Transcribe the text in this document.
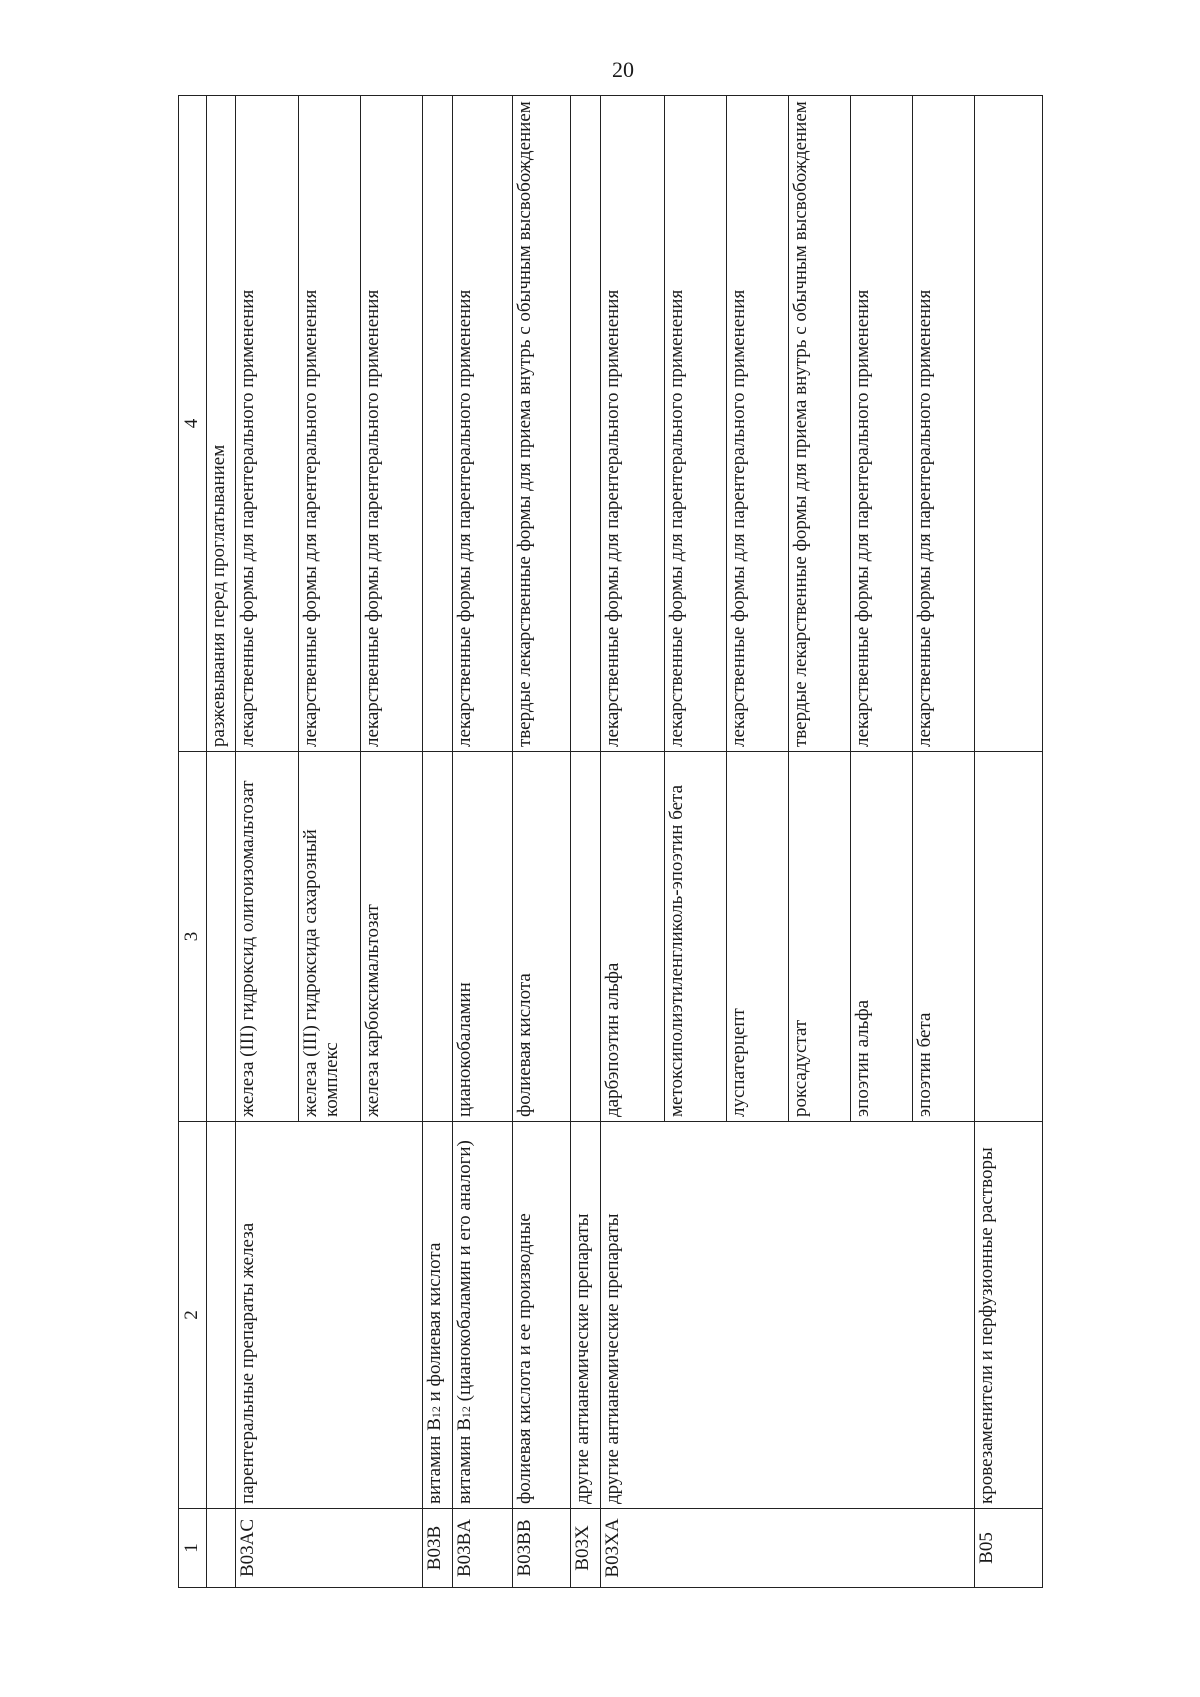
20
1	2	3	4
			разжевывания перед проглатыванием
B03AC	парентеральные препараты железа	железа (III) гидроксид олигоизомальтозат	лекарственные формы для парентерального применения
		железа (III) гидроксида сахарозный комплекс	лекарственные формы для парентерального применения
		железа карбоксимальтозат	лекарственные формы для парентерального применения
B03B	витамин B12 и фолиевая кислота		
B03BA	витамин B12 (цианокобаламин и его аналоги)	цианокобаламин	лекарственные формы для парентерального применения
B03BB	фолиевая кислота и ее производные	фолиевая кислота	твердые лекарственные формы для приема внутрь с обычным высвобождением
B03X	другие антианемические препараты		
B03XA	другие антианемические препараты	дарбэпоэтин альфа	лекарственные формы для парентерального применения
		метоксиполиэтиленгликоль-эпоэтин бета	лекарственные формы для парентерального применения
		луспатерцепт	лекарственные формы для парентерального применения
		роксадустат	твердые лекарственные формы для приема внутрь с обычным высвобождением
		эпоэтин альфа	лекарственные формы для парентерального применения
		эпоэтин бета	лекарственные формы для парентерального применения
B05	кровезаменители и перфузионные растворы		
